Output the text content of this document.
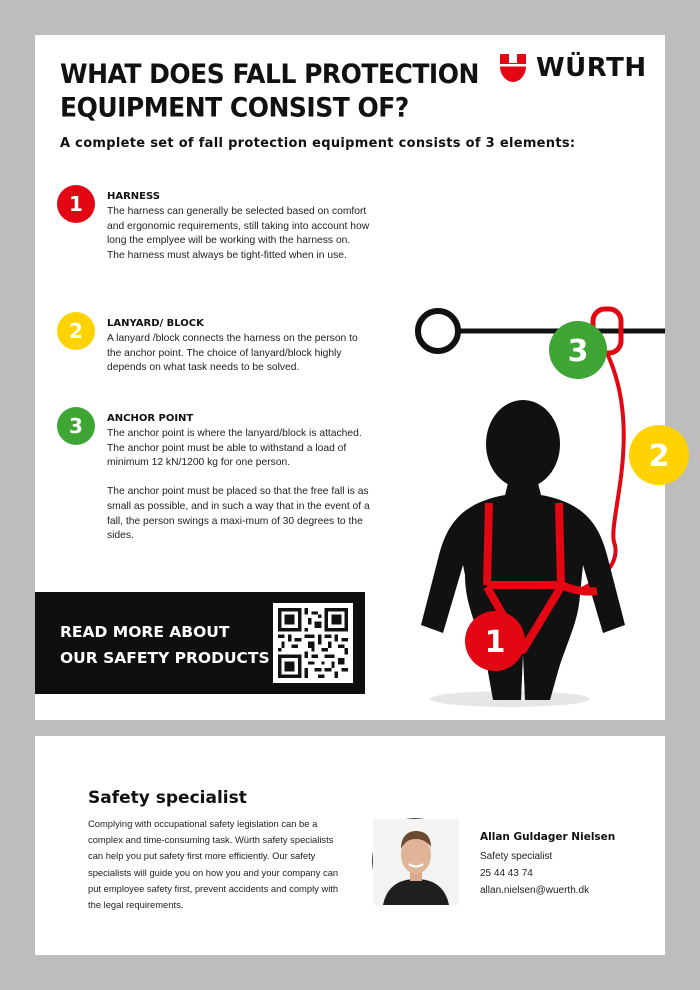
WHAT DOES FALL PROTECTION EQUIPMENT CONSIST OF?
WÜRTH
A complete set of fall protection equipment consists of 3 elements:
1	HARNESS
The harness can generally be selected based on comfort and ergonomic requirements, still taking into account how long the emplyee will be working with the harness on.
The harness must always be tight-fitted when in use.
2	LANYARD/ BLOCK
A lanyard /block connects the harness on the person to the anchor point. The choice of lanyard/block highly depends on what task needs to be solved.
3	ANCHOR POINT
The anchor point is where the lanyard/block is attached.
The anchor point must be able to withstand a load of minimum 12 kN/1200 kg for one person.

The anchor point must be placed so that the free fall is as small as possible, and in such a way that in the event of a fall, the person swings a maxi-mum of 30 degrees to the sides.
READ MORE ABOUT OUR SAFETY PRODUCTS
3
2
1
Safety specialist
Complying with occupational safety legislation can be a complex and time-consuming task. Würth safety specialists can help you put safety first more efficiently. Our safety specialists will guide you on how you and your company can put employee safety first, prevent accidents and comply with the legal requirements.
Allan Guldager Nielsen
Safety specialist
25 44 43 74
allan.nielsen@wuerth.dk
